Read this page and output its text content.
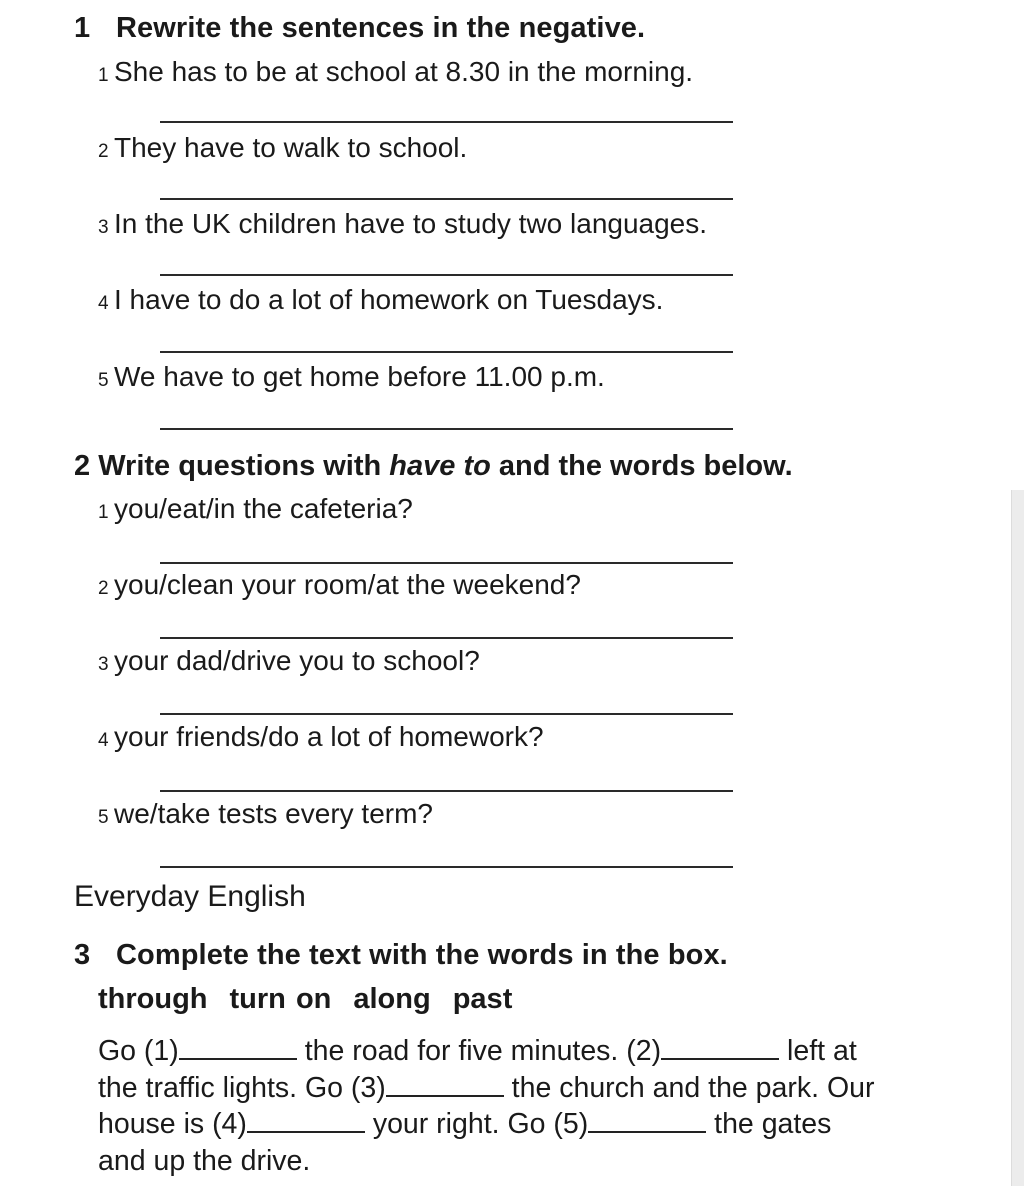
1 Rewrite the sentences in the negative.
1 She has to be at school at 8.30 in the morning.
2 They have to walk to school.
3 In the UK children have to study two languages.
4 I have to do a lot of homework on Tuesdays.
5 We have to get home before 11.00 p.m.
2 Write questions with have to and the words below.
1 you/eat/in the cafeteria?
2 you/clean your room/at the weekend?
3 your dad/drive you to school?
4 your friends/do a lot of homework?
5 we/take tests every term?
Everyday English
3 Complete the text with the words in the box.
through turn on along past
Go (1)	the road for five minutes. (2)	left at
the traffic lights. Go (3)	the church and the park. Our
house is (4)	your right. Go (5)	the gates
and up the drive.
